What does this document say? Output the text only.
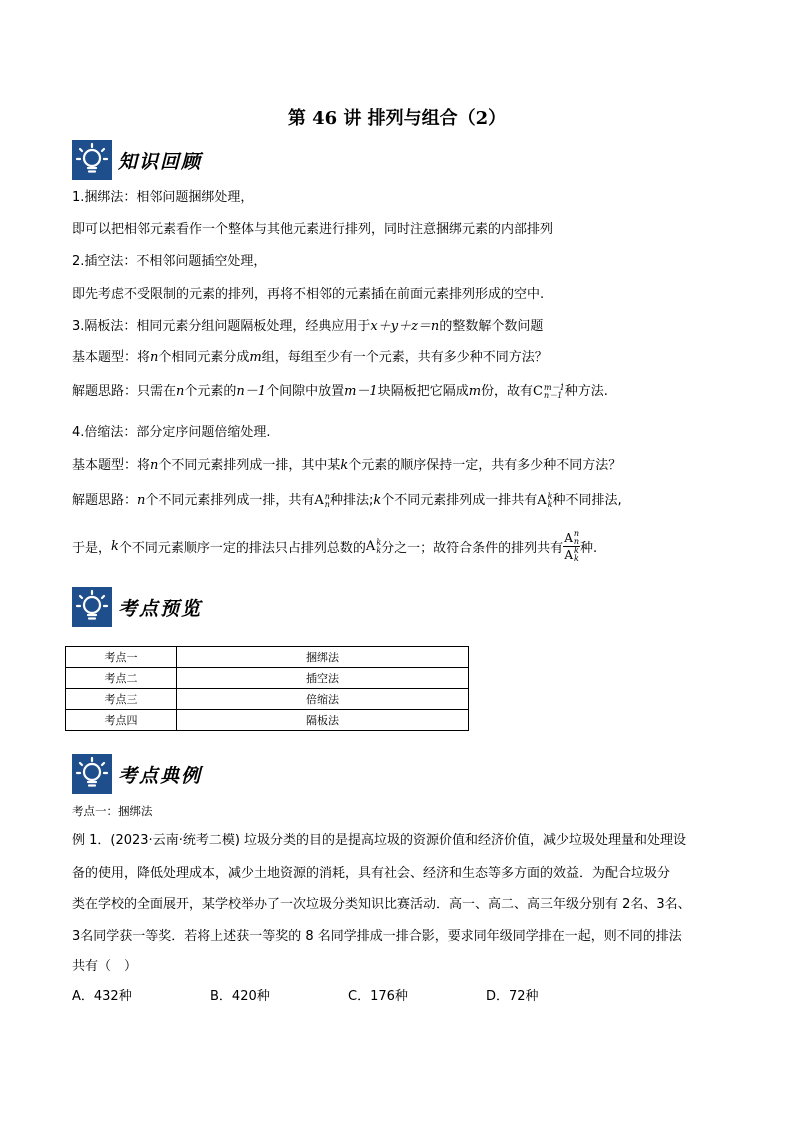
第 46 讲 排列与组合（2）
知识回顾
1.捆绑法：相邻问题捆绑处理，
即可以把相邻元素看作一个整体与其他元素进行排列，同时注意捆绑元素的内部排列
2.插空法：不相邻问题插空处理，
即先考虑不受限制的元素的排列，再将不相邻的元素插在前面元素排列形成的空中.
3.隔板法：相同元素分组问题隔板处理，经典应用于x＋y＋z＝n的整数解个数问题
基本题型：将n个相同元素分成m组，每组至少有一个元素，共有多少种不同方法？
解题思路：只需在n个元素的n－1个间隙中放置m－1块隔板把它隔成m份，故有 C m－1
n－1 种方法.
4.倍缩法：部分定序问题倍缩处理.
基本题型：将n个不同元素排列成一排，其中某k个元素的顺序保持一定，共有多少种不同方法？
解题思路：n个不同元素排列成一排，共有 A n
n 种排法;k个不同元素排列成一排共有 A k
k 种不同排法,
于是， k 个不同元素顺序一定的排法只占排列总数的 A k
k 分之一；故符合条件的排列共有 A n
n
A k
k 种.
考点预览
考点一	捆绑法
考点二	插空法
考点三	倍缩法
考点四	隔板法
考点典例
考点一：捆绑法
例 1．(2023·云南·统考二模) 垃圾分类的目的是提高垃圾的资源价值和经济价值，减少垃圾处理量和处理设
备的使用，降低处理成本，减少土地资源的消耗，具有社会、经济和生态等多方面的效益．为配合垃圾分
类在学校的全面展开，某学校举办了一次垃圾分类知识比赛活动．高一、高二、高三年级分别有 2名、3名、
3名同学获一等奖．若将上述获一等奖的 8 名同学排成一排合影，要求同年级同学排在一起，则不同的排法
共有（　）
A．432种	B．420种	C．176种	D．72种
